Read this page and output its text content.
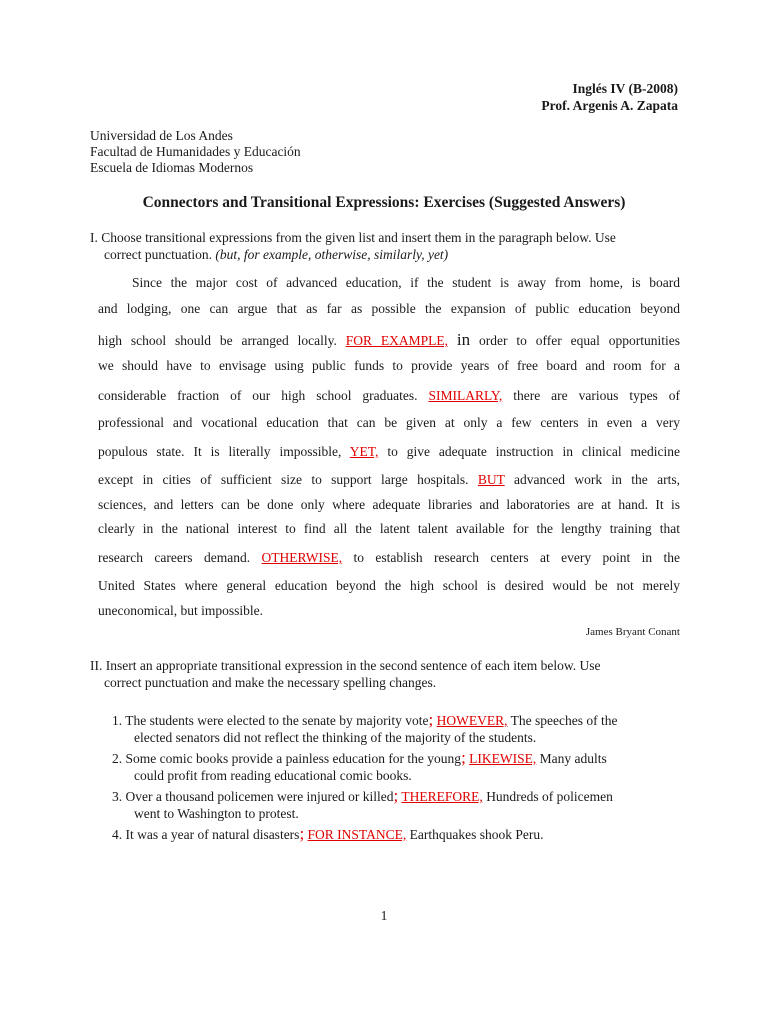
Inglés IV (B-2008)
Prof. Argenis A. Zapata
Universidad de Los Andes
Facultad de Humanidades y Educación
Escuela de Idiomas Modernos
Connectors and Transitional Expressions: Exercises (Suggested Answers)
I. Choose transitional expressions from the given list and insert them in the paragraph below. Use
correct punctuation. (but, for example, otherwise, similarly, yet)
Since the major cost of advanced education, if the student is away from home, is board
and lodging, one can argue that as far as possible the expansion of public education beyond
high school should be arranged locally. FOR EXAMPLE, in order to offer equal opportunities
we should have to envisage using public funds to provide years of free board and room for a
considerable fraction of our high school graduates. SIMILARLY, there are various types of
professional and vocational education that can be given at only a few centers in even a very
populous state. It is literally impossible, YET, to give adequate instruction in clinical medicine
except in cities of sufficient size to support large hospitals. BUT advanced work in the arts,
sciences, and letters can be done only where adequate libraries and laboratories are at hand. It is
clearly in the national interest to find all the latent talent available for the lengthy training that
research careers demand. OTHERWISE, to establish research centers at every point in the
United States where general education beyond the high school is desired would be not merely
uneconomical, but impossible.
James Bryant Conant
II. Insert an appropriate transitional expression in the second sentence of each item below. Use
correct punctuation and make the necessary spelling changes.
1. The students were elected to the senate by majority vote; HOWEVER, The speeches of the
elected senators did not reflect the thinking of the majority of the students.
2. Some comic books provide a painless education for the young; LIKEWISE, Many adults
could profit from reading educational comic books.
3. Over a thousand policemen were injured or killed; THEREFORE, Hundreds of policemen
went to Washington to protest.
4. It was a year of natural disasters; FOR INSTANCE, Earthquakes shook Peru.
1
